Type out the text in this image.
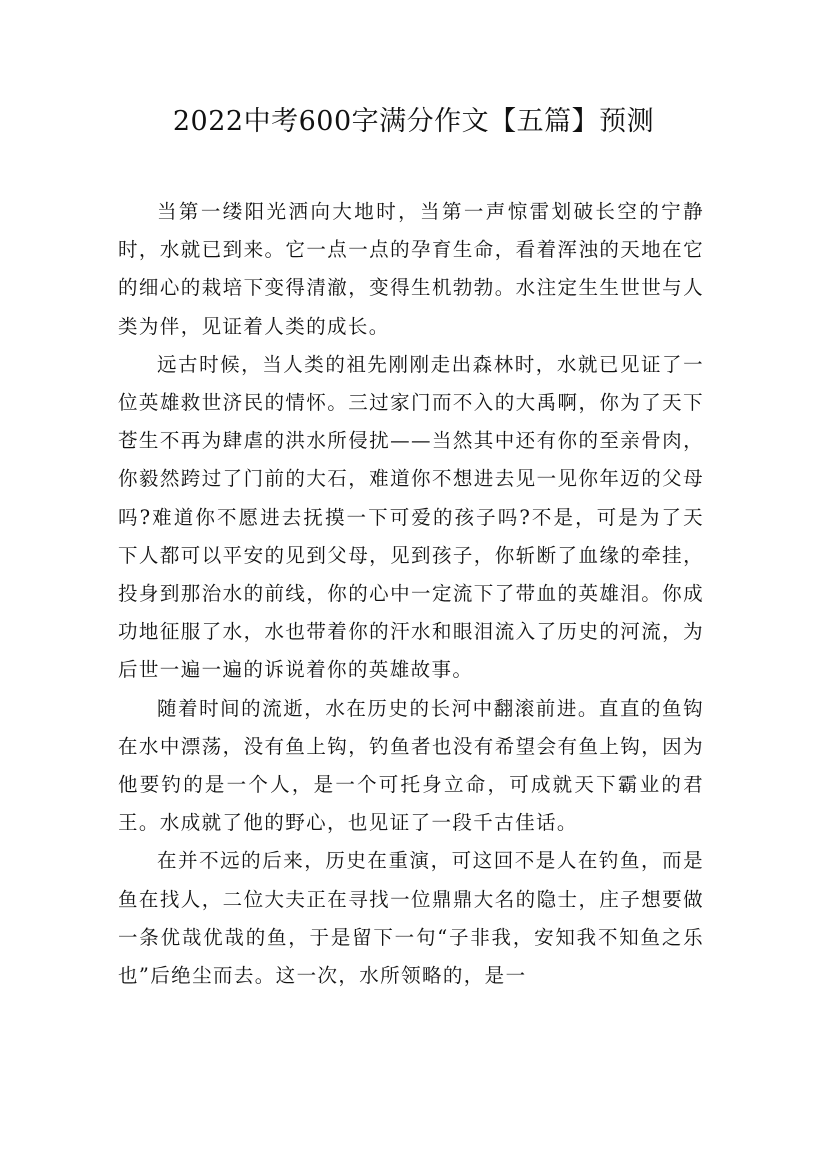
2022中考600字满分作文【五篇】预测

当第一缕阳光洒向大地时，当第一声惊雷划破长空的宁静时，水就已到来。它一点一点的孕育生命，看着浑浊的天地在它的细心的栽培下变得清澈，变得生机勃勃。水注定生生世世与人类为伴，见证着人类的成长。

远古时候，当人类的祖先刚刚走出森林时，水就已见证了一位英雄救世济民的情怀。三过家门而不入的大禹啊，你为了天下苍生不再为肆虐的洪水所侵扰——当然其中还有你的至亲骨肉，你毅然跨过了门前的大石，难道你不想进去见一见你年迈的父母吗?难道你不愿进去抚摸一下可爱的孩子吗?不是，可是为了天下人都可以平安的见到父母，见到孩子，你斩断了血缘的牵挂，投身到那治水的前线，你的心中一定流下了带血的英雄泪。你成功地征服了水，水也带着你的汗水和眼泪流入了历史的河流，为后世一遍一遍的诉说着你的英雄故事。

随着时间的流逝，水在历史的长河中翻滚前进。直直的鱼钩在水中漂荡，没有鱼上钩，钓鱼者也没有希望会有鱼上钩，因为他要钓的是一个人，是一个可托身立命，可成就天下霸业的君王。水成就了他的野心，也见证了一段千古佳话。

在并不远的后来，历史在重演，可这回不是人在钓鱼，而是鱼在找人，二位大夫正在寻找一位鼎鼎大名的隐士，庄子想要做一条优哉优哉的鱼，于是留下一句“子非我，安知我不知鱼之乐也”后绝尘而去。这一次，水所领略的，是一
